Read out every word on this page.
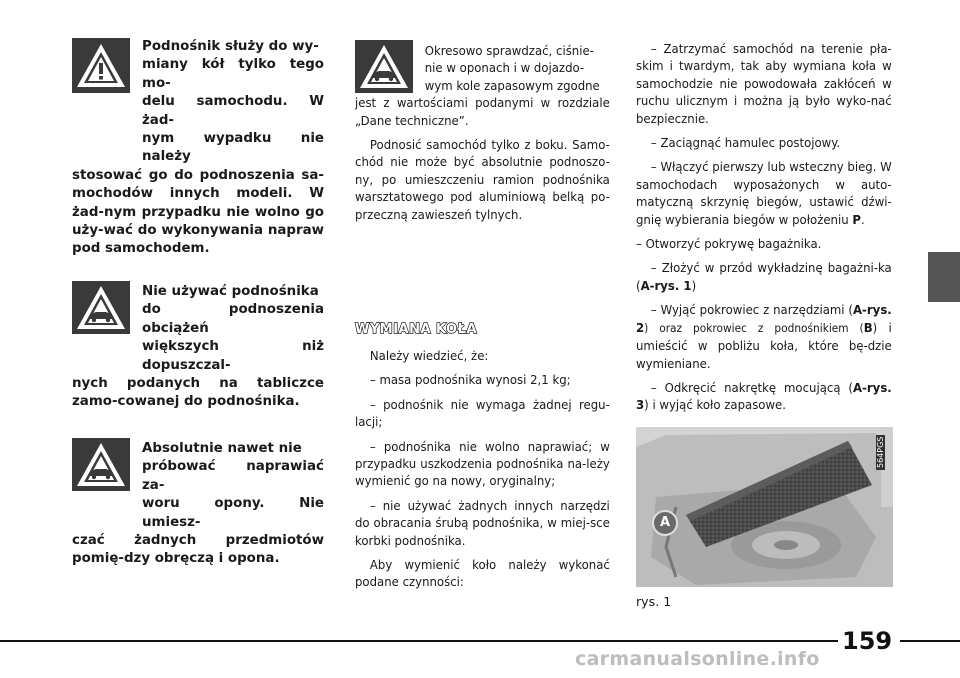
Podnośnik służy do wy-
miany kół tylko tego mo-
delu samochodu. W żad-
nym wypadku nie należy
stosować go do podnoszenia sa-mochodów innych modeli. W żad-nym przypadku nie wolno go uży-wać do wykonywania napraw pod samochodem.
Nie używać podnośnika
do podnoszenia obciążeń
większych niż dopuszczal-
nych podanych na tabliczce zamo-cowanej do podnośnika.
Absolutnie nawet nie
próbować naprawiać za-
woru opony. Nie umiesz-
czać żadnych przedmiotów pomię-dzy obręczą i opona.
Okresowo sprawdzać, ciśnie-
nie w oponach i w dojazdo-
wym kole zapasowym zgodne
jest z wartościami podanymi w rozdziale „Dane techniczne”.
Podnosić samochód tylko z boku. Samo-chód nie może być absolutnie podnoszo-ny, po umieszczeniu ramion podnośnika warsztatowego pod aluminiową belką po-przeczną zawieszeń tylnych.
WYMIANA KOŁA
Należy wiedzieć, że:
– masa podnośnika wynosi 2,1 kg;
– podnośnik nie wymaga żadnej regu-lacji;
– podnośnika nie wolno naprawiać; w przypadku uszkodzenia podnośnika na-leży wymienić go na nowy, oryginalny;
– nie używać żadnych innych narzędzi do obracania śrubą podnośnika, w miej-sce korbki podnośnika.
Aby wymienić koło należy wykonać podane czynności:
– Zatrzymać samochód na terenie pła-skim i twardym, tak aby wymiana koła w samochodzie nie powodowała zakłóceń w ruchu ulicznym i można ją było wyko-nać bezpiecznie.
– Zaciągnąć hamulec postojowy.
– Włączyć pierwszy lub wsteczny bieg. W samochodach wyposażonych w auto-matyczną skrzynię biegów, ustawić dźwi-gnię wybierania biegów w położeniu P.
– Otworzyć pokrywę bagażnika.
– Złożyć w przód wykładzinę bagażni-ka (A-rys. 1)
– Wyjąć pokrowiec z narzędziami (A-rys. 2) oraz pokrowiec z podnośnikiem (B) i umieścić w pobliżu koła, które bę-dzie wymieniane.
– Odkręcić nakrętkę mocującą (A-rys. 3) i wyjąć koło zapasowe.
564PGS
A
rys. 1
159
carmanualsonline.info
